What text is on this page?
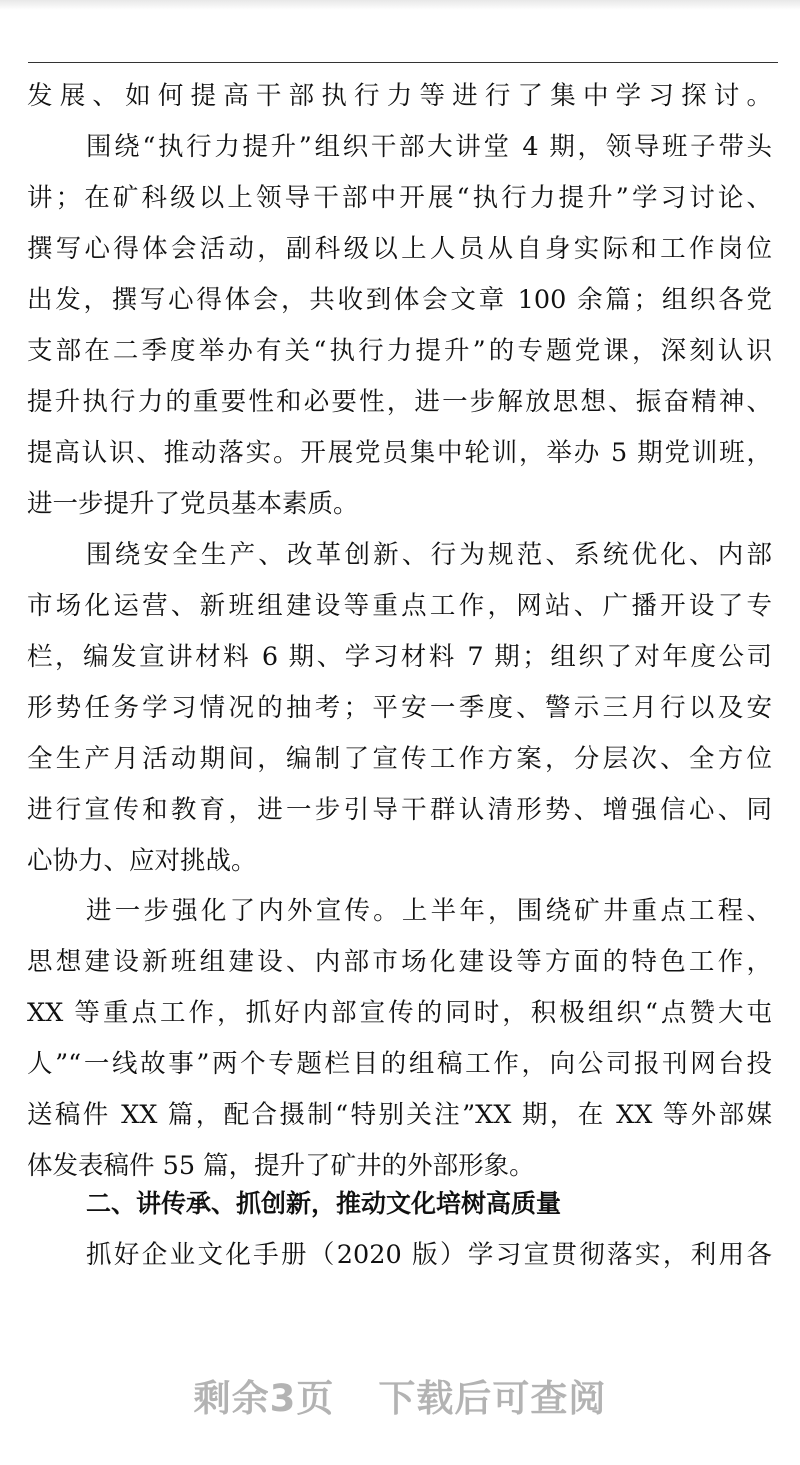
发展、如何提高干部执行力等进行了集中学习探讨。
围绕“执行力提升”组织干部大讲堂 4 期，领导班子带头
讲；在矿科级以上领导干部中开展“执行力提升”学习讨论、
撰写心得体会活动，副科级以上人员从自身实际和工作岗位
出发，撰写心得体会，共收到体会文章 100 余篇；组织各党
支部在二季度举办有关“执行力提升”的专题党课，深刻认识
提升执行力的重要性和必要性，进一步解放思想、振奋精神、
提高认识、推动落实。开展党员集中轮训，举办 5 期党训班，
进一步提升了党员基本素质。
围绕安全生产、改革创新、行为规范、系统优化、内部
市场化运营、新班组建设等重点工作，网站、广播开设了专
栏，编发宣讲材料 6 期、学习材料 7 期；组织了对年度公司
形势任务学习情况的抽考；平安一季度、警示三月行以及安
全生产月活动期间，编制了宣传工作方案，分层次、全方位
进行宣传和教育，进一步引导干群认清形势、增强信心、同
心协力、应对挑战。
进一步强化了内外宣传。上半年，围绕矿井重点工程、
思想建设新班组建设、内部市场化建设等方面的特色工作，
XX 等重点工作，抓好内部宣传的同时，积极组织“点赞大屯
人”“一线故事”两个专题栏目的组稿工作，向公司报刊网台投
送稿件 XX 篇，配合摄制“特别关注”XX 期，在 XX 等外部媒
体发表稿件 55 篇，提升了矿井的外部形象。
二、讲传承、抓创新，推动文化培树高质量
抓好企业文化手册（2020 版）学习宣贯彻落实，利用各
剩余3页 下载后可查阅
